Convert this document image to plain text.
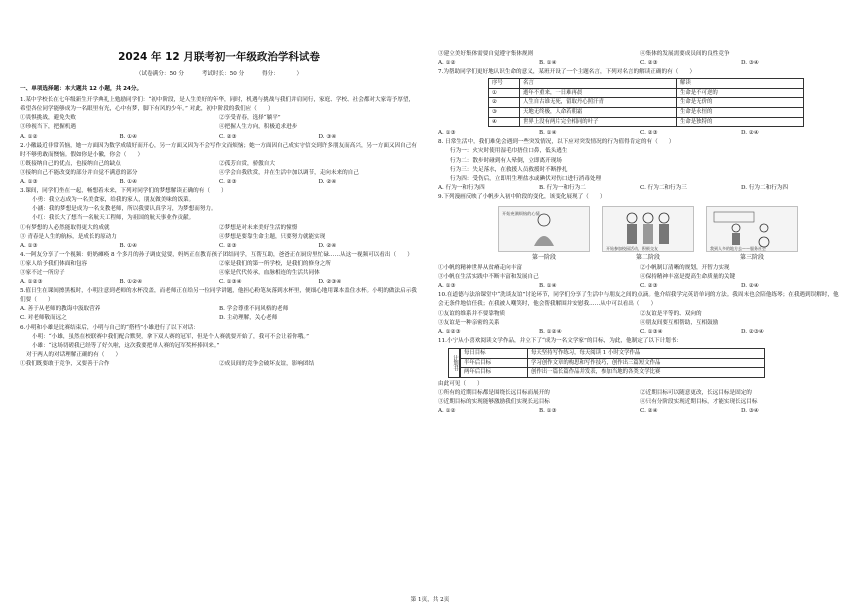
2024 年 12 月联考初一年级政治学科试卷
（试卷满分：50 分          考试时长：50 分          得分：          ）
一、单项选择题：本大题共 12 小题，共 24分。

1.某中学校长在七年级新生开学典礼上勉励同学们：“初中阶段，是人生美好的年华，同时，机遇与挑战与我们并肩同行，家庭、学校、社会都对大家寄予厚望，希望各位同学能够成为一名眼里有光，心中有梦，脚下有风的少年。” 对此，初中阶段的我们应（　　）

①畏惧挑战，避免失败	②享受青春，选择“躺平”
③珍视当下，把握机遇	④把握人生方向，积极追求进步
A. ①②	B. ①④	C. ②③	D. ③④

2.小徽最近非常苦恼，她一方面因为数学成绩好而开心，另一方面又因为不会写作文而烦恼；她一方面因自己成实守信交到许多朋友而高兴，另一方面又因自己有时不够勇敢而懊恼。假如你是小徽，你会（　　）

①既接纳自己的优点，也接纳自己的缺点	②孤芳自赏，骄傲自大
③接纳自己不能改变的部分并自觉不满意的部分	④学会自我欣赏，并在生活中加以调节，走向未来的自己
A. ①③	B. ①④	C. ②③	D. ②④

3.课间，同学们坐在一起，畅想着未来，下列对同学们的梦想解读正确的有（　　）

小勇：我立志成为一名美食家，给我的家人，朋友做美味的饭菜。

小涵：我的梦想是成为一名支教老师，所以我要认真学习，为梦想而努力。

小红：我长大了想当一名航天工程师，为祖国的航天事业作贡献。

①有梦想的人必然能取得更大的成就	②梦想是对未来美好生活的憧憬
③ 青春是人生的航标，是成长的原动力	④梦想是要靠生命主题，只要努力就能实现
A. ①③	B. ①④	C. ②③	D. ②④

4.一阿友分享了一个视频：奶奶瘫痪 8 个多月的孙子调皮觉要，妈妈正在教育孩子团结同学，互帮互助，爸爸正在厨房里忙碌……从这一视频可以看出（　　）

①家人给予我们体面和包容	②家是我们的第一所学校，是我们的修身之所
③家不过一所房子	④家是代代传承，血脉相连的生活共同体
A. ①②③	B. ①②④	C. ①③④	D. ②③④

5.值日生在课间擦黑板时，小明注意到老师的水杯没盖，而老师正在给另一位同学讲题，他担心粉笔灰落到水杯里，便细心地用课本盖住水杯。小明的做法启示我们要（　　）

A. 善于从老师的教诲中汲取营养	B. 学会尊重不同风格的老师
C. 对老师敬而远之	D. 主动理解，关心老师

6.小明和小雄是比赛结束后，小明与自己的“搭档”小雄进行了以下对话：

小明：“小雄，虽然在校联赛中我们配合默契，拿下双人赛的冠军，但是个人赛就要开始了，我可不会让着你哦。”

小雄：“这场切磋我已经等了好久啦，这次我要把单人赛的冠军奖杯捧回来。”

对于两人的对话理解正确的有（　　）

①我们既要敢于竞争，又要善于合作	②成员间的竞争会破坏友谊，影响团结
③建立美好集体需要自觉遵守集体规则	④集体的发展需要成员间的良性竞争
A. ①②	B. ①④	C. ②③	D. ③④

7.为帮助同学们更好地认识生命的意义，某班开设了一个主题名言，下列对名言的解读正确的有（　　）

序号	名言	解读
①	逝年不重来，一日难再晨	生命是不可逆的
②	人生自古谁无死，留取丹心照汗青	生命是无价的
③	天地无终极，人命若朝霜	生命是永恒的
④	世界上没有两片完全相同的叶子	生命是独特的
A. ①③	B. ①④	C. ②③	D. ②④

8. 日常生活中，我们难免会遇到一些突发情况，以下应对突发情况的行为值得肯定的有（　　）

行为一：火灾时使用湿毛巾捂住口鼻，低头逃生

行为二：散步时碰到有人晕倒，立即离开现场

行为三：失足落水，在救援人员救援时不断挣扎

行为四：受伤后，立即用生理盐水或碘伏对伤口进行消毒处理

A. 行为一和行为四	B. 行为一和行为二	C. 行为二和行为三	D. 行为二和行为四

9.下列漫画反映了小帆步入初中阶段的变化，该变化展现了（　　）

开始充满烦恼的心情
第一阶段
开始参加校园活动，积极交友
第二阶段
我到人多的地方去——服务社会
第三阶段
①小帆的精神世界从贫瘠走向丰富	②小帆制订清晰的规划，开智力实现
③小帆在生活实践中不断丰富和发展自己	④保持精神丰富是提高生命质量的关键
A. ①③	B. ①④	C. ②③	D. ②④

10.在道德与法治课堂中“洗谈友谊”讨论环节，同学们分享了生活中与朋友之间的点滴。他介绍我学完英语单词的方法。我周末也会陪他练琴；在我遇到误解时，他会无条件地信任我；在我被人嘲笑时，他会帮我解围并安慰我……从中可以看出（　　）

①友谊的维系并不要靠物质	②友谊是平等的、双向的
③友谊是一种亲密的关系	④朋友间要互相帮助，互相鼓励
A. ①②③	B. ①②④	C. ①③④	D. ②③④

11.小宁从小喜欢阅读文学作品，并立下了“成为一名文学家”的目标，为此，他制定了以下计划书：

计划书
每日目标	每天坚持写作练习，每天阅读 1 小时文学作品
半年后目标	学习创作文章的构思和写作技巧，创作出三篇短文作品
两年后目标	创作出一篇长篇作品并发表，参加当地的各类文学比赛

由此可见（　　）

①所有的近期目标都是围绕长远目标而展开的	②近期目标可以随意更改，长远目标是固定的
③近期目标的实现能够激励我们实现长远目标	④只有分阶段实现近期目标，才能实现长远目标
A. ①②	B. ①③	C. ②④	D. ③④
第 1页，共 2页
